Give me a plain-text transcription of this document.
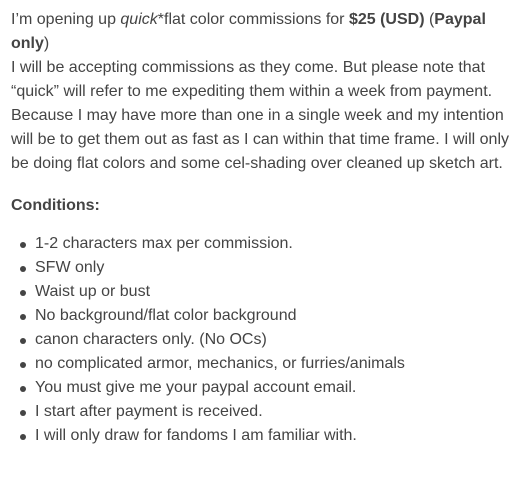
I’m opening up quick*flat color commissions for $25 (USD) (Paypal only)
I will be accepting commissions as they come. But please note that “quick” will refer to me expediting them within a week from payment. Because I may have more than one in a single week and my intention will be to get them out as fast as I can within that time frame. I will only be doing flat colors and some cel-shading over cleaned up sketch art.

Conditions:

1-2 characters max per commission.
SFW only
Waist up or bust
No background/flat color background
canon characters only. (No OCs)
no complicated armor, mechanics, or furries/animals
You must give me your paypal account email.
I start after payment is received.
I will only draw for fandoms I am familiar with.
